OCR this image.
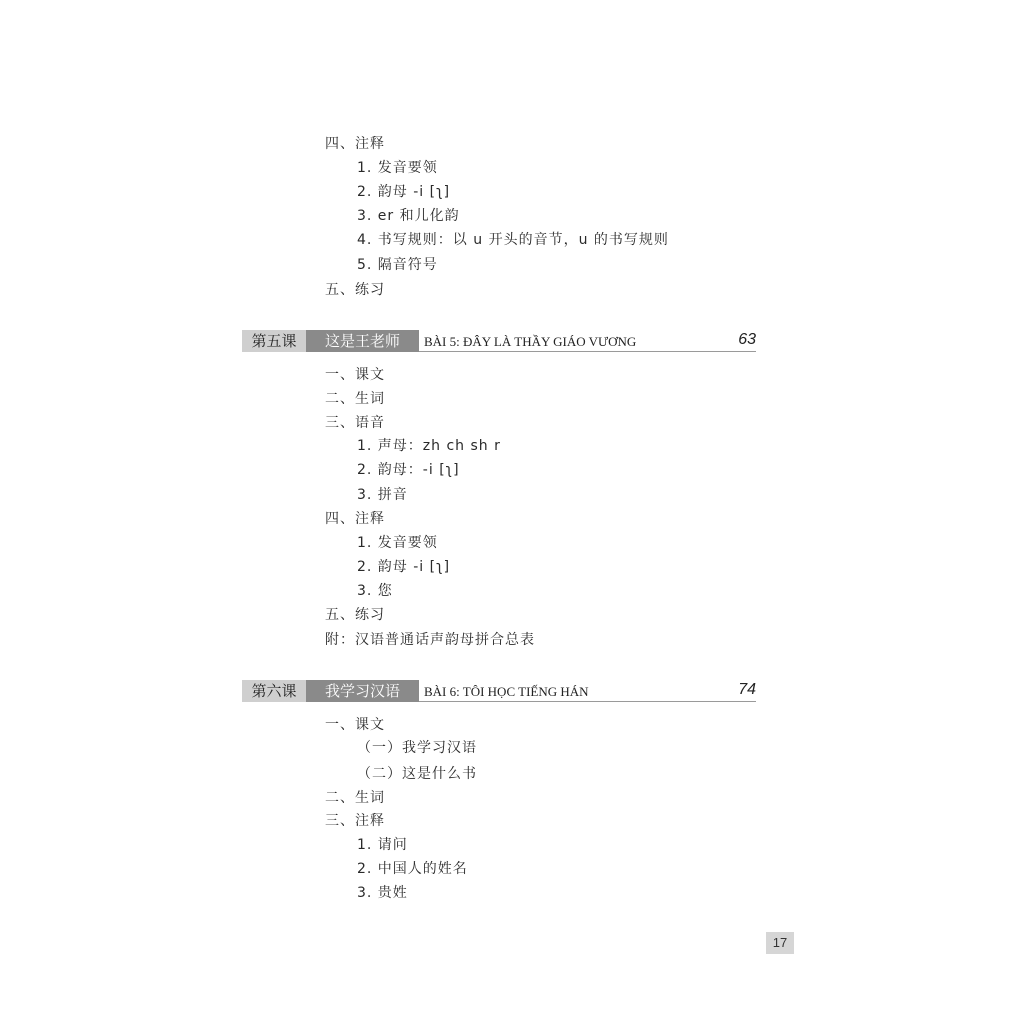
四、注释
1. 发音要领
2. 韵母 -i [ʅ]
3. er 和儿化韵
4. 书写规则：以 u 开头的音节，u 的书写规则
5. 隔音符号
五、练习
第五课	这是王老师	BÀI 5: ĐÂY LÀ THẦY GIÁO VƯƠNG	63
一、课文
二、生词
三、语音
1. 声母：zh ch sh r
2. 韵母：-i [ʅ]
3. 拼音
四、注释
1. 发音要领
2. 韵母 -i [ʅ]
3. 您
五、练习
附：汉语普通话声韵母拼合总表
第六课	我学习汉语	BÀI 6: TÔI HỌC TIẾNG HÁN	74
一、课文
（一）我学习汉语
（二）这是什么书
二、生词
三、注释
1. 请问
2. 中国人的姓名
3. 贵姓
17
